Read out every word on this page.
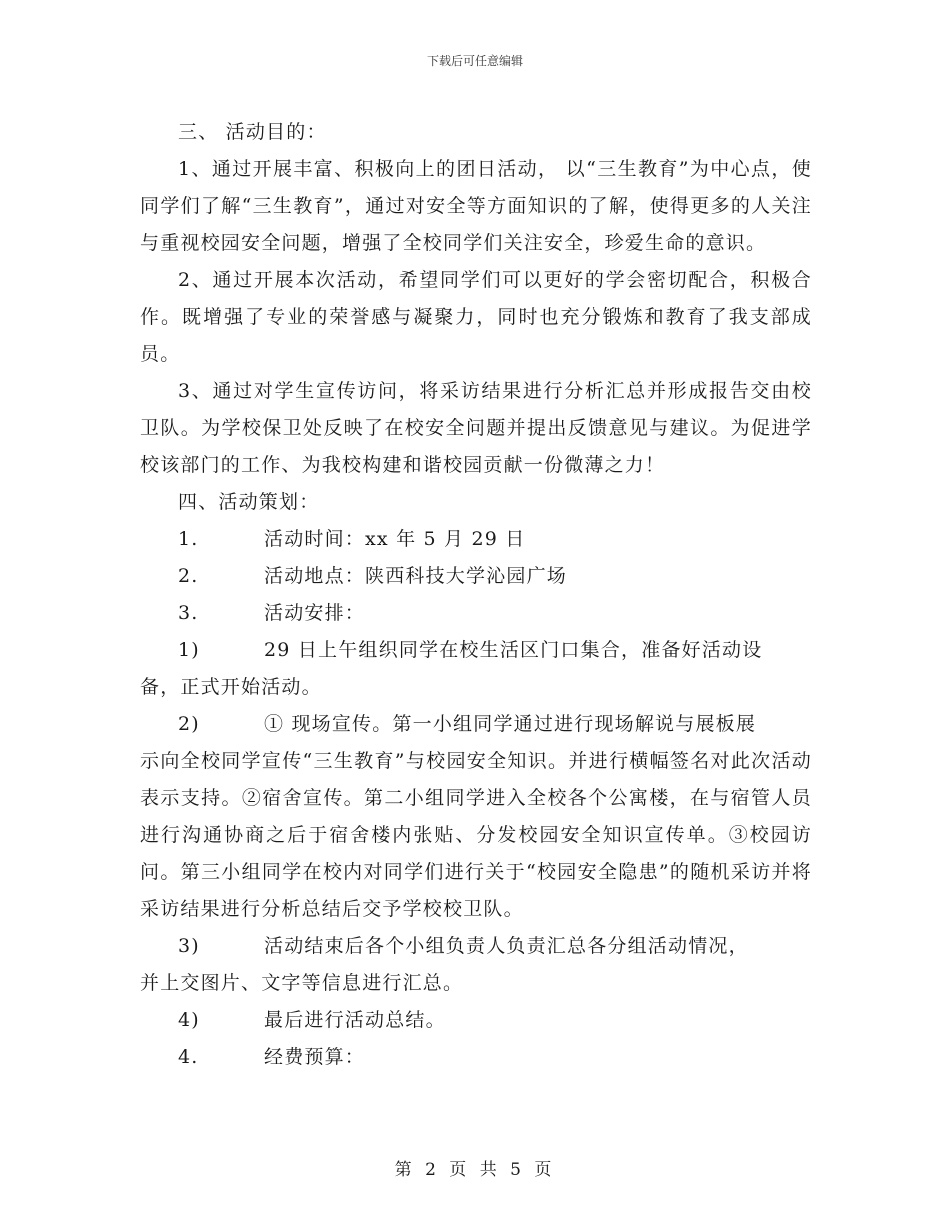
下载后可任意编辑

三、 活动目的：

1、通过开展丰富、积极向上的团日活动， 以“三生教育”为中心点，使同学们了解“三生教育”，通过对安全等方面知识的了解，使得更多的人关注与重视校园安全问题，增强了全校同学们关注安全，珍爱生命的意识。

2、通过开展本次活动，希望同学们可以更好的学会密切配合，积极合作。既增强了专业的荣誉感与凝聚力，同时也充分锻炼和教育了我支部成员。

3、通过对学生宣传访问，将采访结果进行分析汇总并形成报告交由校卫队。为学校保卫处反映了在校安全问题并提出反馈意见与建议。为促进学校该部门的工作、为我校构建和谐校园贡献一份微薄之力！

四、活动策划：

1.	活动时间：xx 年 5 月 29 日
2.	活动地点：陕西科技大学沁园广场
3.	活动安排：
1)	29 日上午组织同学在校生活区门口集合，准备好活动设
备，正式开始活动。
2)	① 现场宣传。第一小组同学通过进行现场解说与展板展
示向全校同学宣传“三生教育”与校园安全知识。并进行横幅签名对此次活动表示支持。②宿舍宣传。第二小组同学进入全校各个公寓楼，在与宿管人员进行沟通协商之后于宿舍楼内张贴、分发校园安全知识宣传单。③校园访问。第三小组同学在校内对同学们进行关于“校园安全隐患”的随机采访并将采访结果进行分析总结后交予学校校卫队。
3)	活动结束后各个小组负责人负责汇总各分组活动情况，
并上交图片、文字等信息进行汇总。
4)	最后进行活动总结。
4.	经费预算：
第 2 页 共 5 页
